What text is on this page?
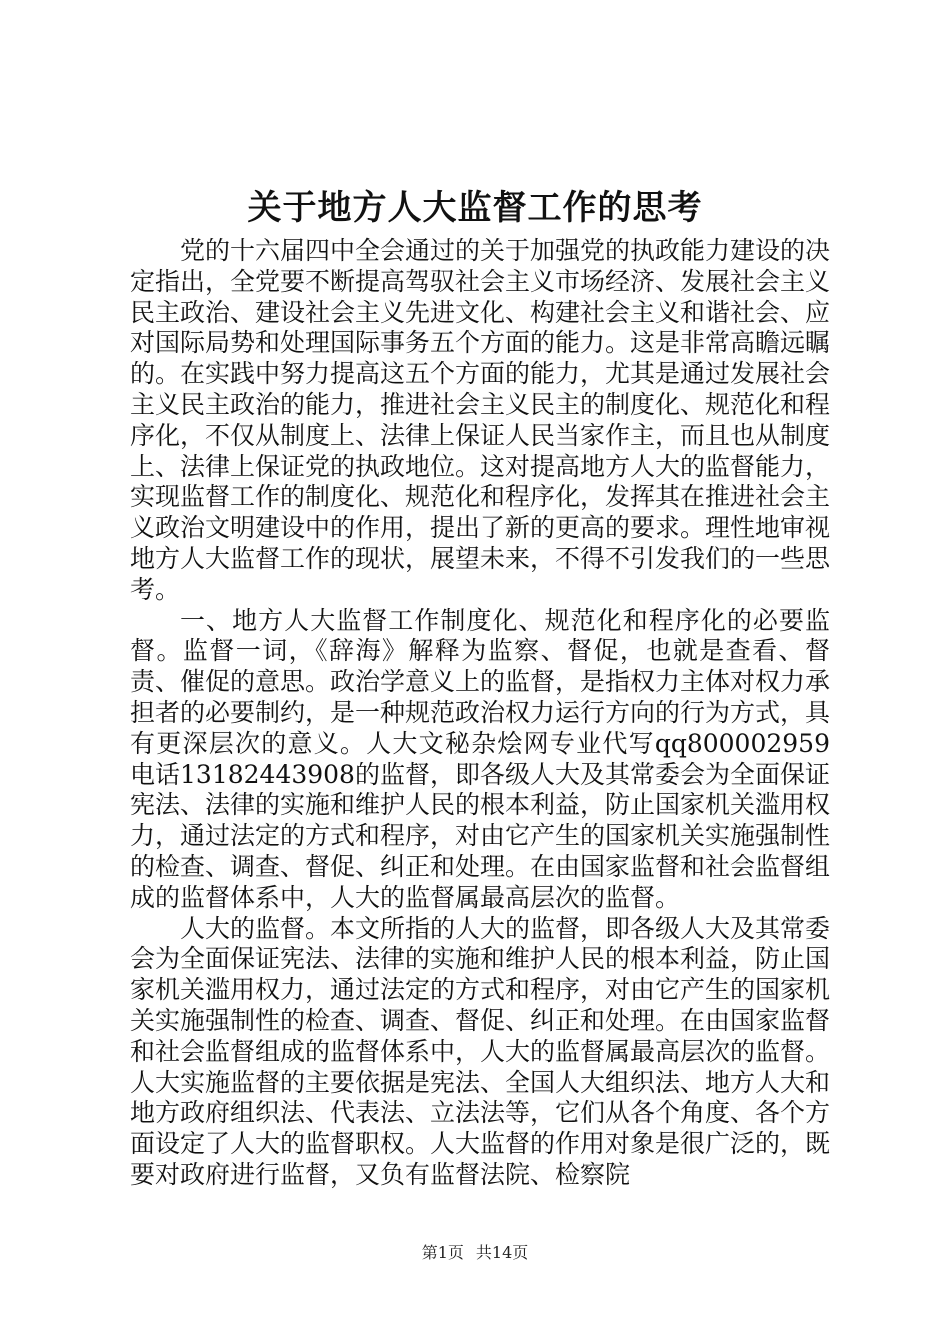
关于地方人大监督工作的思考

党的十六届四中全会通过的关于加强党的执政能力建设的决定指出，全党要不断提高驾驭社会主义市场经济、发展社会主义民主政治、建设社会主义先进文化、构建社会主义和谐社会、应对国际局势和处理国际事务五个方面的能力。这是非常高瞻远瞩的。在实践中努力提高这五个方面的能力，尤其是通过发展社会主义民主政治的能力，推进社会主义民主的制度化、规范化和程序化，不仅从制度上、法律上保证人民当家作主，而且也从制度上、法律上保证党的执政地位。这对提高地方人大的监督能力，实现监督工作的制度化、规范化和程序化，发挥其在推进社会主义政治文明建设中的作用，提出了新的更高的要求。理性地审视地方人大监督工作的现状，展望未来，不得不引发我们的一些思考。

一、地方人大监督工作制度化、规范化和程序化的必要监督。监督一词，《辞海》解释为监察、督促，也就是查看、督责、催促的意思。政治学意义上的监督，是指权力主体对权力承担者的必要制约，是一种规范政治权力运行方向的行为方式，具有更深层次的意义。人大文秘杂烩网专业代写qq800002959电话13182443908的监督，即各级人大及其常委会为全面保证宪法、法律的实施和维护人民的根本利益，防止国家机关滥用权力，通过法定的方式和程序，对由它产生的国家机关实施强制性的检查、调查、督促、纠正和处理。在由国家监督和社会监督组成的监督体系中，人大的监督属最高层次的监督。

人大的监督。本文所指的人大的监督，即各级人大及其常委会为全面保证宪法、法律的实施和维护人民的根本利益，防止国家机关滥用权力，通过法定的方式和程序，对由它产生的国家机关实施强制性的检查、调查、督促、纠正和处理。在由国家监督和社会监督组成的监督体系中，人大的监督属最高层次的监督。人大实施监督的主要依据是宪法、全国人大组织法、地方人大和地方政府组织法、代表法、立法法等，它们从各个角度、各个方面设定了人大的监督职权。人大监督的作用对象是很广泛的，既要对政府进行监督，又负有监督法院、检察院

第1页 共14页
